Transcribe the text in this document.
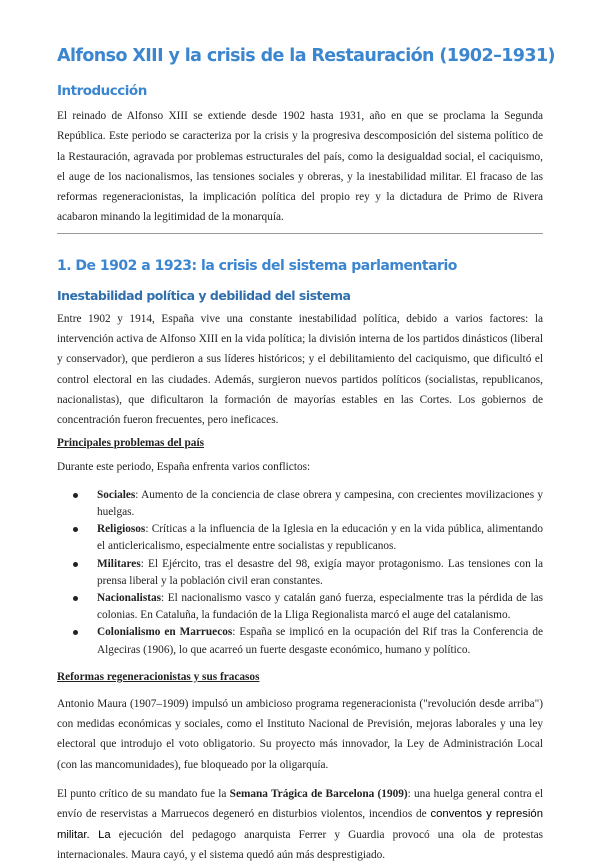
Alfonso XIII y la crisis de la Restauración (1902–1931)
Introducción

El reinado de Alfonso XIII se extiende desde 1902 hasta 1931, año en que se proclama la Segunda República. Este periodo se caracteriza por la crisis y la progresiva descomposición del sistema político de la Restauración, agravada por problemas estructurales del país, como la desigualdad social, el caciquismo, el auge de los nacionalismos, las tensiones sociales y obreras, y la inestabilidad militar. El fracaso de las reformas regeneracionistas, la implicación política del propio rey y la dictadura de Primo de Rivera acabaron minando la legitimidad de la monarquía.

1. De 1902 a 1923: la crisis del sistema parlamentario
Inestabilidad política y debilidad del sistema

Entre 1902 y 1914, España vive una constante inestabilidad política, debido a varios factores: la intervención activa de Alfonso XIII en la vida política; la división interna de los partidos dinásticos (liberal y conservador), que perdieron a sus líderes históricos; y el debilitamiento del caciquismo, que dificultó el control electoral en las ciudades. Además, surgieron nuevos partidos políticos (socialistas, republicanos, nacionalistas), que dificultaron la formación de mayorías estables en las Cortes. Los gobiernos de concentración fueron frecuentes, pero ineficaces.

Principales problemas del país

Durante este periodo, España enfrenta varios conflictos:

Sociales: Aumento de la conciencia de clase obrera y campesina, con crecientes movilizaciones y huelgas.
Religiosos: Críticas a la influencia de la Iglesia en la educación y en la vida pública, alimentando el anticlericalismo, especialmente entre socialistas y republicanos.
Militares: El Ejército, tras el desastre del 98, exigía mayor protagonismo. Las tensiones con la prensa liberal y la población civil eran constantes.
Nacionalistas: El nacionalismo vasco y catalán ganó fuerza, especialmente tras la pérdida de las colonias. En Cataluña, la fundación de la Lliga Regionalista marcó el auge del catalanismo.
Colonialismo en Marruecos: España se implicó en la ocupación del Rif tras la Conferencia de Algeciras (1906), lo que acarreó un fuerte desgaste económico, humano y político.
Reformas regeneracionistas y sus fracasos

Antonio Maura (1907–1909) impulsó un ambicioso programa regeneracionista ("revolución desde arriba") con medidas económicas y sociales, como el Instituto Nacional de Previsión, mejoras laborales y una ley electoral que introdujo el voto obligatorio. Su proyecto más innovador, la Ley de Administración Local (con las mancomunidades), fue bloqueado por la oligarquía.

El punto crítico de su mandato fue la Semana Trágica de Barcelona (1909): una huelga general contra el envío de reservistas a Marruecos degeneró en disturbios violentos, incendios de conventos y represión militar. La ejecución del pedagogo anarquista Ferrer y Guardia provocó una ola de protestas internacionales. Maura cayó, y el sistema quedó aún más desprestigiado.
